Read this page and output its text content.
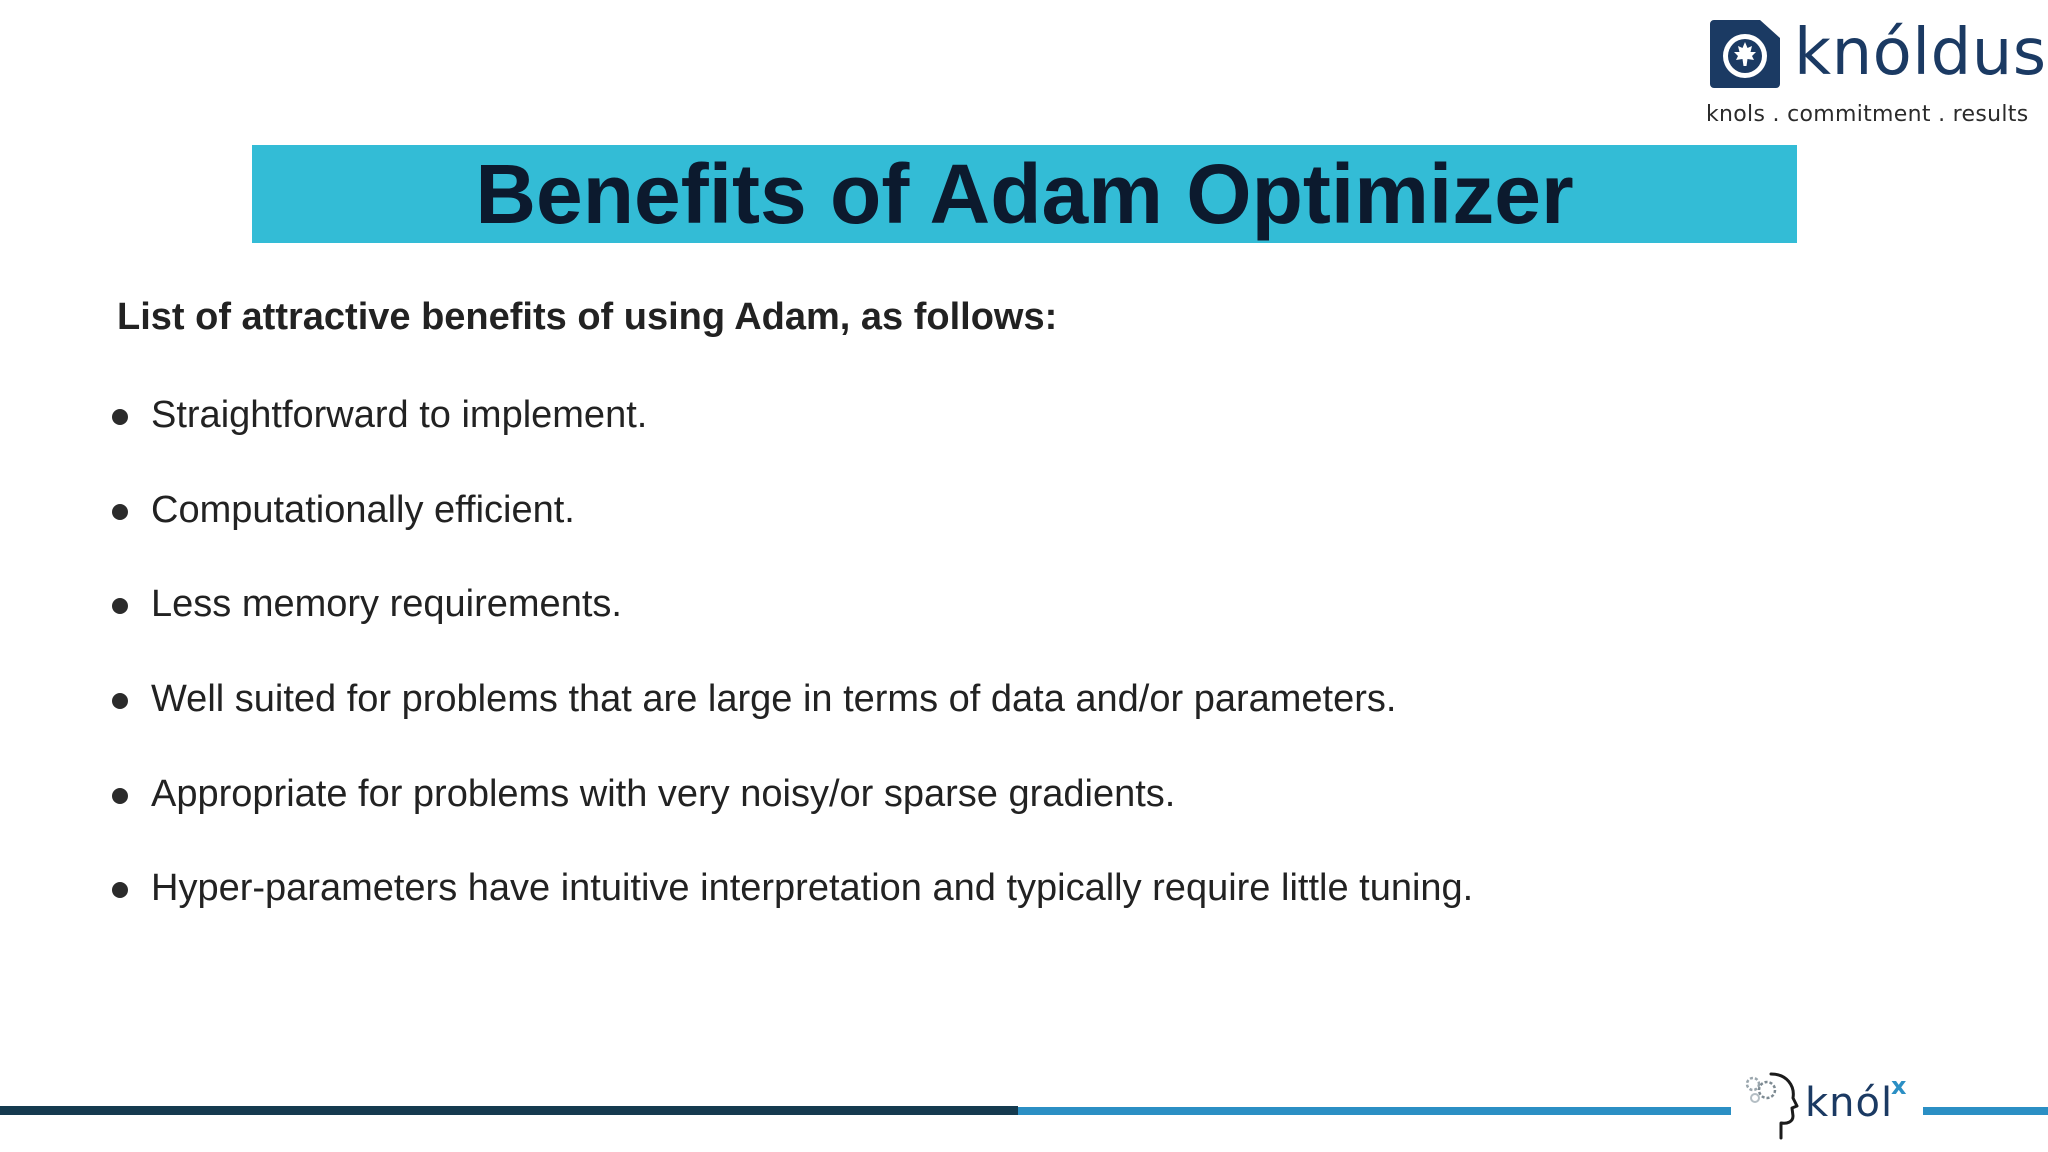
knóldus
knols . commitment . results
Benefits of Adam Optimizer
List of attractive benefits of using Adam, as follows:
Straightforward to implement.
Computationally efficient.
Less memory requirements.
Well suited for problems that are large in terms of data and/or parameters.
Appropriate for problems with very noisy/or sparse gradients.
Hyper-parameters have intuitive interpretation and typically require little tuning.
knól
x
